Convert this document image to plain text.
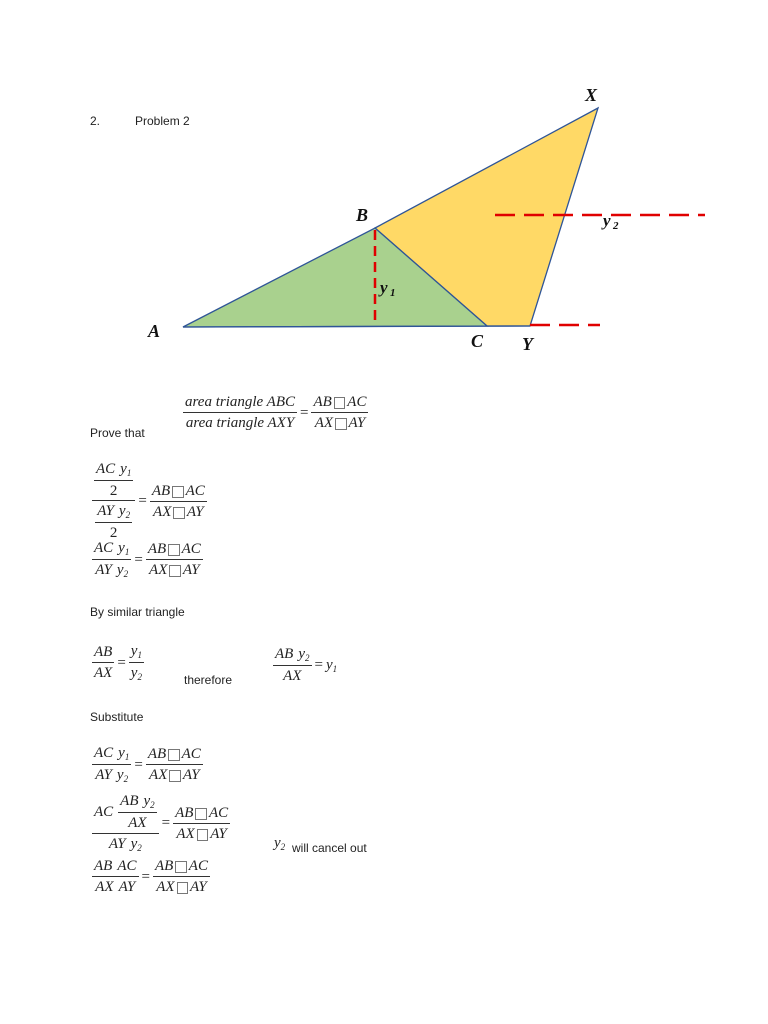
2.	Problem 2
A
B
C
X
Y
y 1
y 2
$\frac{\text{area triangle ABC}}{\text{area triangle AXY}} = \frac{\text{AB AC}}{\text{AX AY}}$
Prove that
$\frac{\frac{AC y_1}{2}}{\frac{AY y_2}{2}} = \frac{\text{AB AC}}{\text{AX AY}}$
$\frac{AC y_1}{AY y_2} = \frac{\text{AB AC}}{\text{AX AY}}$
By similar triangle
$\frac{AB}{AX} = \frac{y_1}{y_2}$	therefore	$\frac{AB y_2}{AX} = y_1$
Substitute
$\frac{AC y_1}{AY y_2} = \frac{\text{AB AC}}{\text{AX AY}}$
$\frac{AC \frac{AB y_2}{AX}}{AY y_2} = \frac{\text{AB AC}}{\text{AX AY}}$
$y_2$ will cancel out
$\frac{\text{AB AC}}{\text{AX AY}} = \frac{\text{AB AC}}{\text{AX AY}}$
